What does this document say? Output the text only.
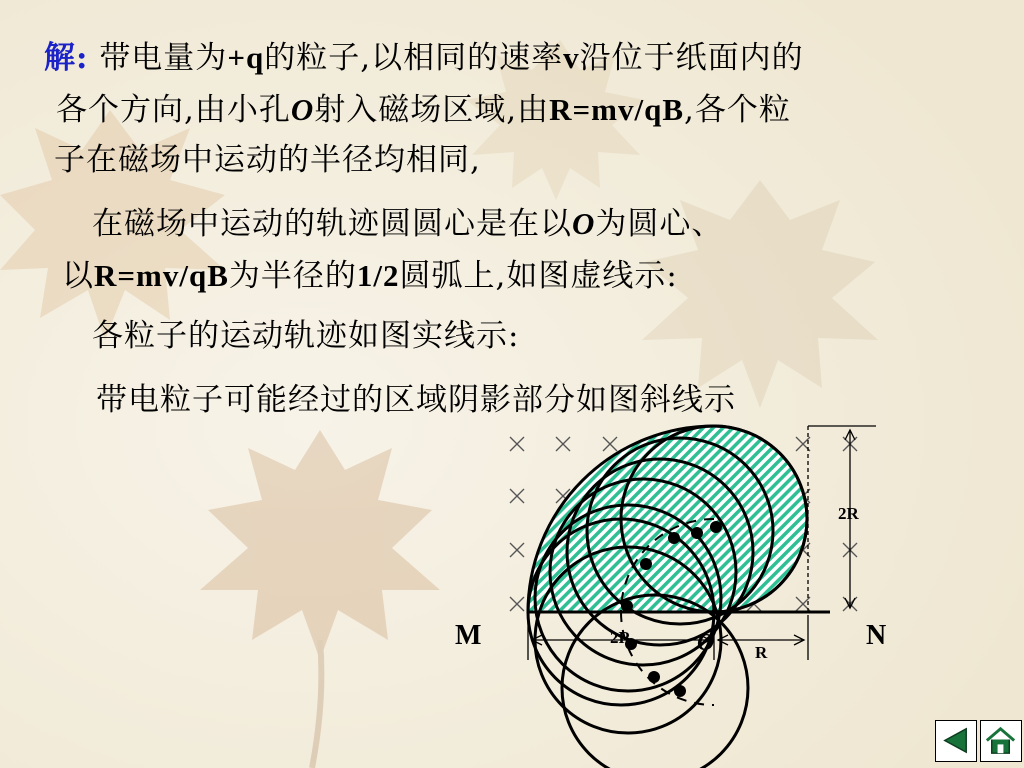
解: 带电量为+q的粒子,以相同的速率v沿位于纸面内的
各个方向,由小孔O射入磁场区域,由R=mv/qB,各个粒
子在磁场中运动的半径均相同,
在磁场中运动的轨迹圆圆心是在以O为圆心、
以R=mv/qB为半径的1/2圆弧上,如图虚线示:
各粒子的运动轨迹如图实线示:
带电粒子可能经过的区域阴影部分如图斜线示
M	N
O
2R
2R
R
